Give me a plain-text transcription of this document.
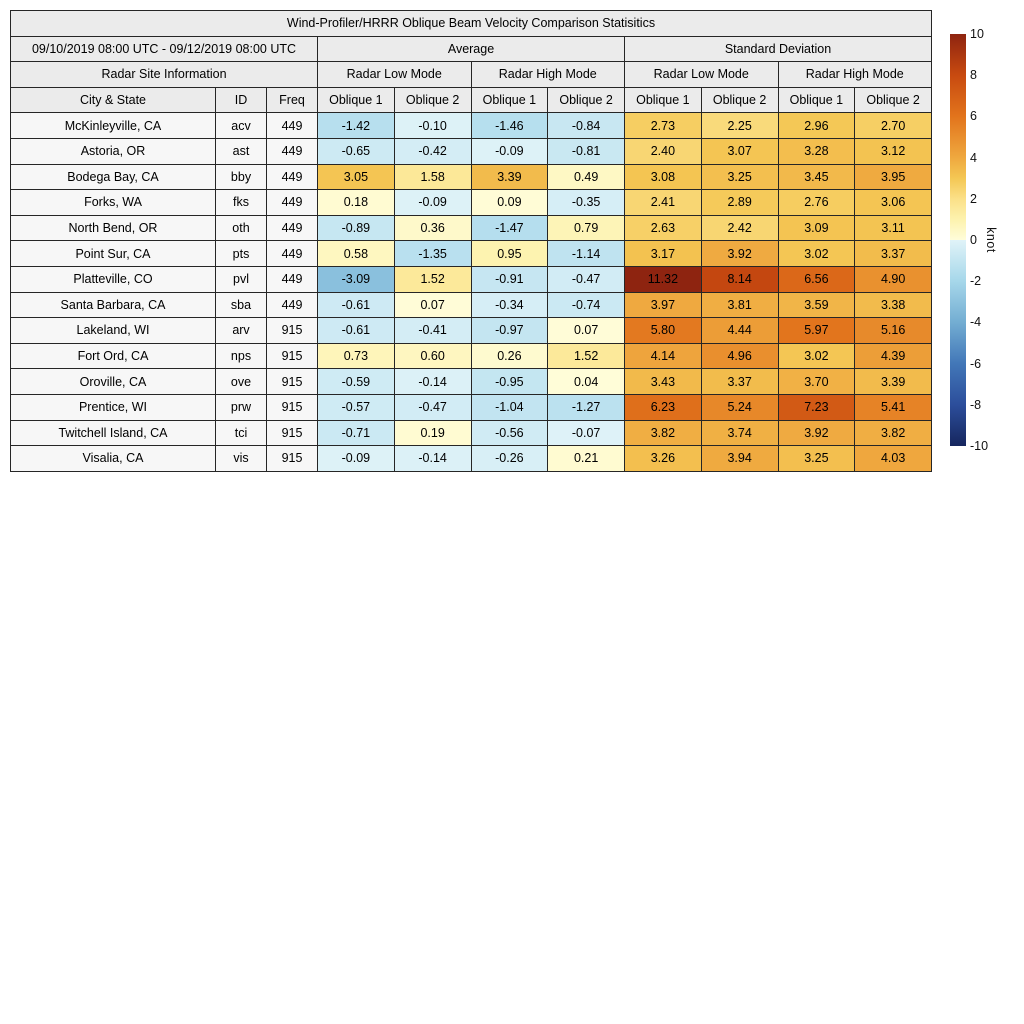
Wind-Profiler/HRRR Oblique Beam Velocity Comparison Statisitics										
09/10/2019 08:00 UTC - 09/12/2019 08:00 UTC			Average				Standard Deviation			
Radar Site Information			Radar Low Mode		Radar High Mode		Radar Low Mode		Radar High Mode	
City & State	ID	Freq	Oblique 1	Oblique 2	Oblique 1	Oblique 2	Oblique 1	Oblique 2	Oblique 1	Oblique 2
McKinleyville, CA	acv	449	-1.42	-0.10	-1.46	-0.84	2.73	2.25	2.96	2.70
Astoria, OR	ast	449	-0.65	-0.42	-0.09	-0.81	2.40	3.07	3.28	3.12
Bodega Bay, CA	bby	449	3.05	1.58	3.39	0.49	3.08	3.25	3.45	3.95
Forks, WA	fks	449	0.18	-0.09	0.09	-0.35	2.41	2.89	2.76	3.06
North Bend, OR	oth	449	-0.89	0.36	-1.47	0.79	2.63	2.42	3.09	3.11
Point Sur, CA	pts	449	0.58	-1.35	0.95	-1.14	3.17	3.92	3.02	3.37
Platteville, CO	pvl	449	-3.09	1.52	-0.91	-0.47	11.32	8.14	6.56	4.90
Santa Barbara, CA	sba	449	-0.61	0.07	-0.34	-0.74	3.97	3.81	3.59	3.38
Lakeland, WI	arv	915	-0.61	-0.41	-0.97	0.07	5.80	4.44	5.97	5.16
Fort Ord, CA	nps	915	0.73	0.60	0.26	1.52	4.14	4.96	3.02	4.39
Oroville, CA	ove	915	-0.59	-0.14	-0.95	0.04	3.43	3.37	3.70	3.39
Prentice, WI	prw	915	-0.57	-0.47	-1.04	-1.27	6.23	5.24	7.23	5.41
Twitchell Island, CA	tci	915	-0.71	0.19	-0.56	-0.07	3.82	3.74	3.92	3.82
Visalia, CA	vis	915	-0.09	-0.14	-0.26	0.21	3.26	3.94	3.25	4.03
10
8
6
4
2
0
-2
-4
-6
-8
-10
knot
